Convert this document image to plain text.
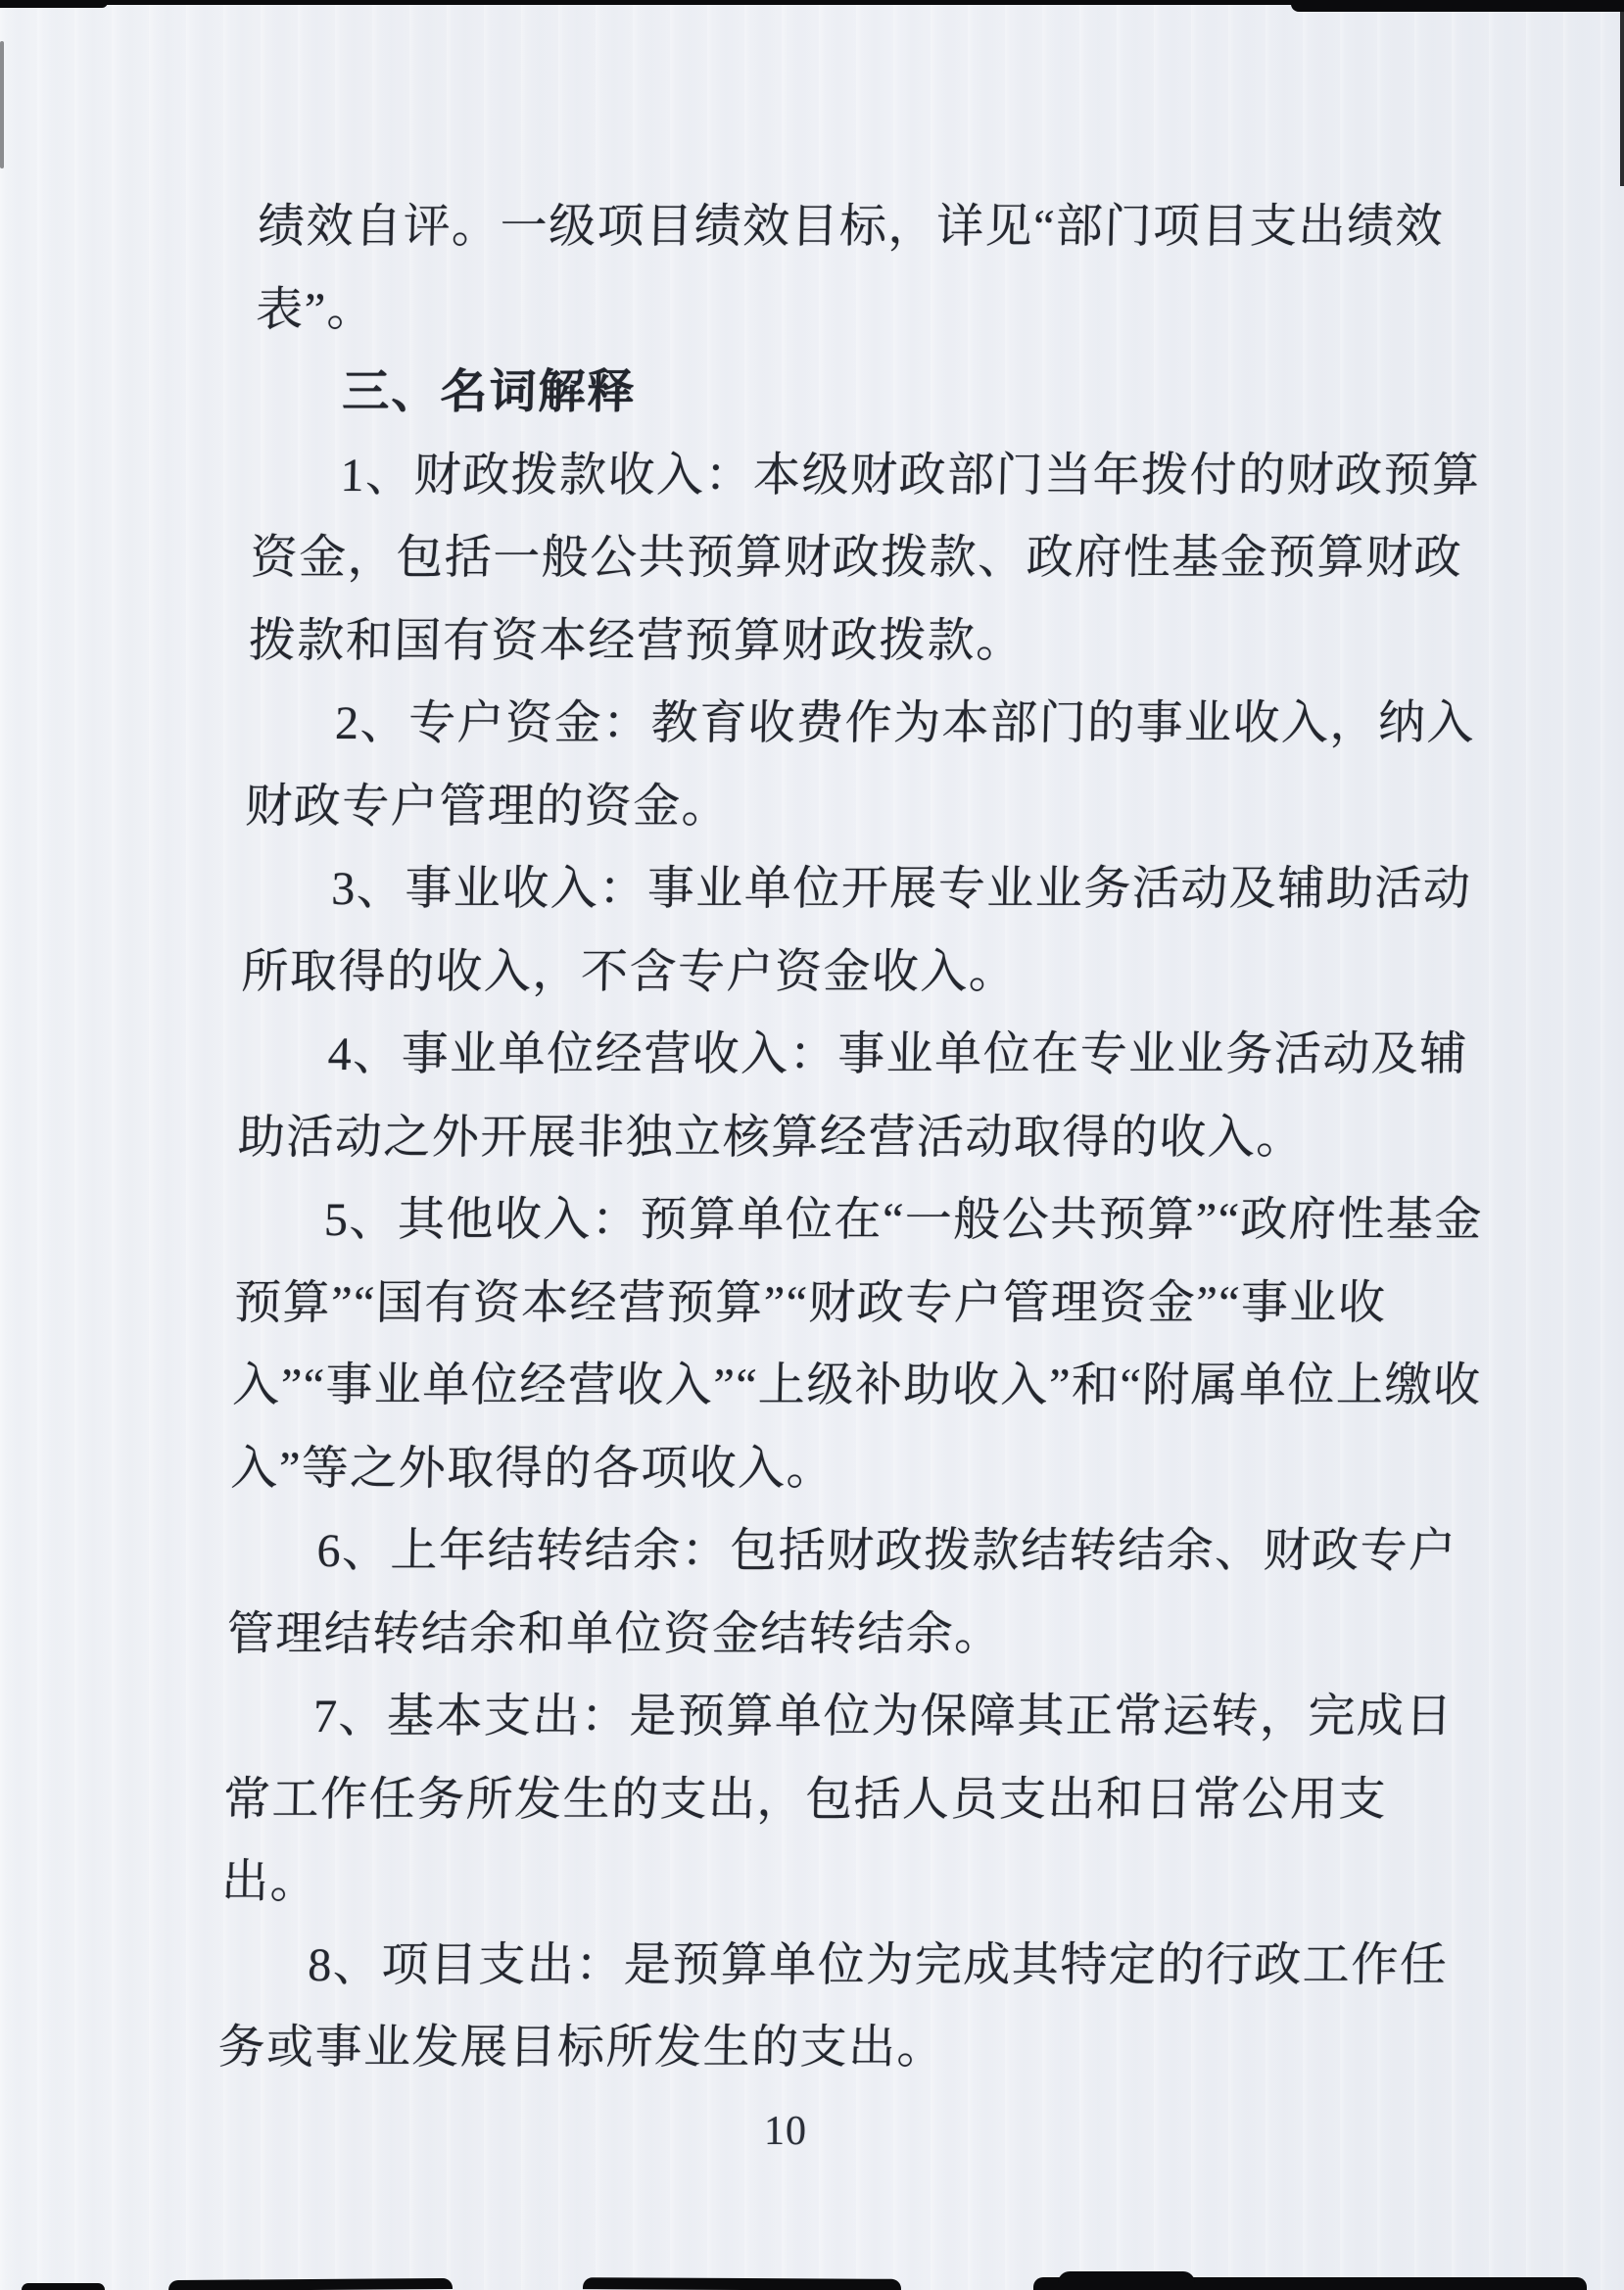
绩效自评。一级项目绩效目标，详见“部门项目支出绩效
表”。
三、名词解释
1、财政拨款收入：本级财政部门当年拨付的财政预算
资金，包括一般公共预算财政拨款、政府性基金预算财政
拨款和国有资本经营预算财政拨款。
2、专户资金：教育收费作为本部门的事业收入，纳入
财政专户管理的资金。
3、事业收入：事业单位开展专业业务活动及辅助活动
所取得的收入，不含专户资金收入。
4、事业单位经营收入：事业单位在专业业务活动及辅
助活动之外开展非独立核算经营活动取得的收入。
5、其他收入：预算单位在“一般公共预算”“政府性基金
预算”“国有资本经营预算”“财政专户管理资金”“事业收
入”“事业单位经营收入”“上级补助收入”和“附属单位上缴收
入”等之外取得的各项收入。
6、上年结转结余：包括财政拨款结转结余、财政专户
管理结转结余和单位资金结转结余。
7、基本支出：是预算单位为保障其正常运转，完成日
常工作任务所发生的支出，包括人员支出和日常公用支
出。
8、项目支出：是预算单位为完成其特定的行政工作任
务或事业发展目标所发生的支出。
10
